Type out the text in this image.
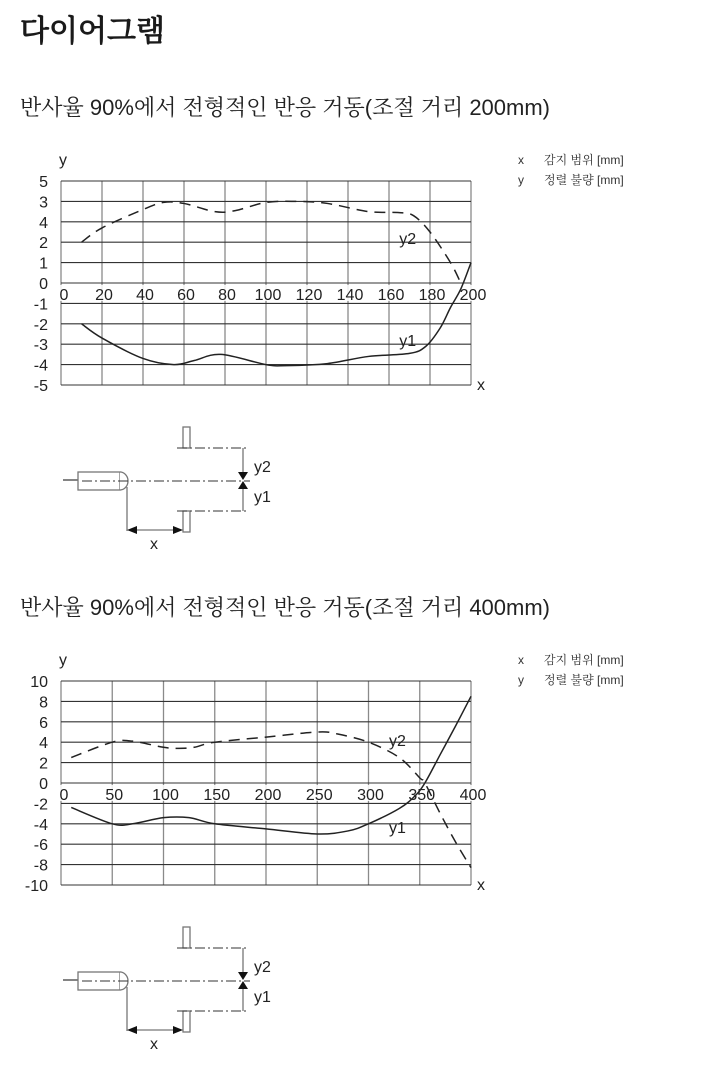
다이어그램
반사율 90%에서 전형적인 반응 거동(조절 거리 200mm)
5
3
4
2
1
0
-1
-2
-3
-4
-5
0 20 40 60 80 100 120 140 160 180 200
y
x
y2
y1
x 감지 범위 [mm]
y 정렬 불량 [mm]
y2
y1
x
반사율 90%에서 전형적인 반응 거동(조절 거리 400mm)
10
8
6
4
2
0
-2
-4
-6
-8
-10
0 50 100 150 200 250 300 350 400
y
x
y2
y1
x 감지 범위 [mm]
y 정렬 불량 [mm]
y2
y1
x
